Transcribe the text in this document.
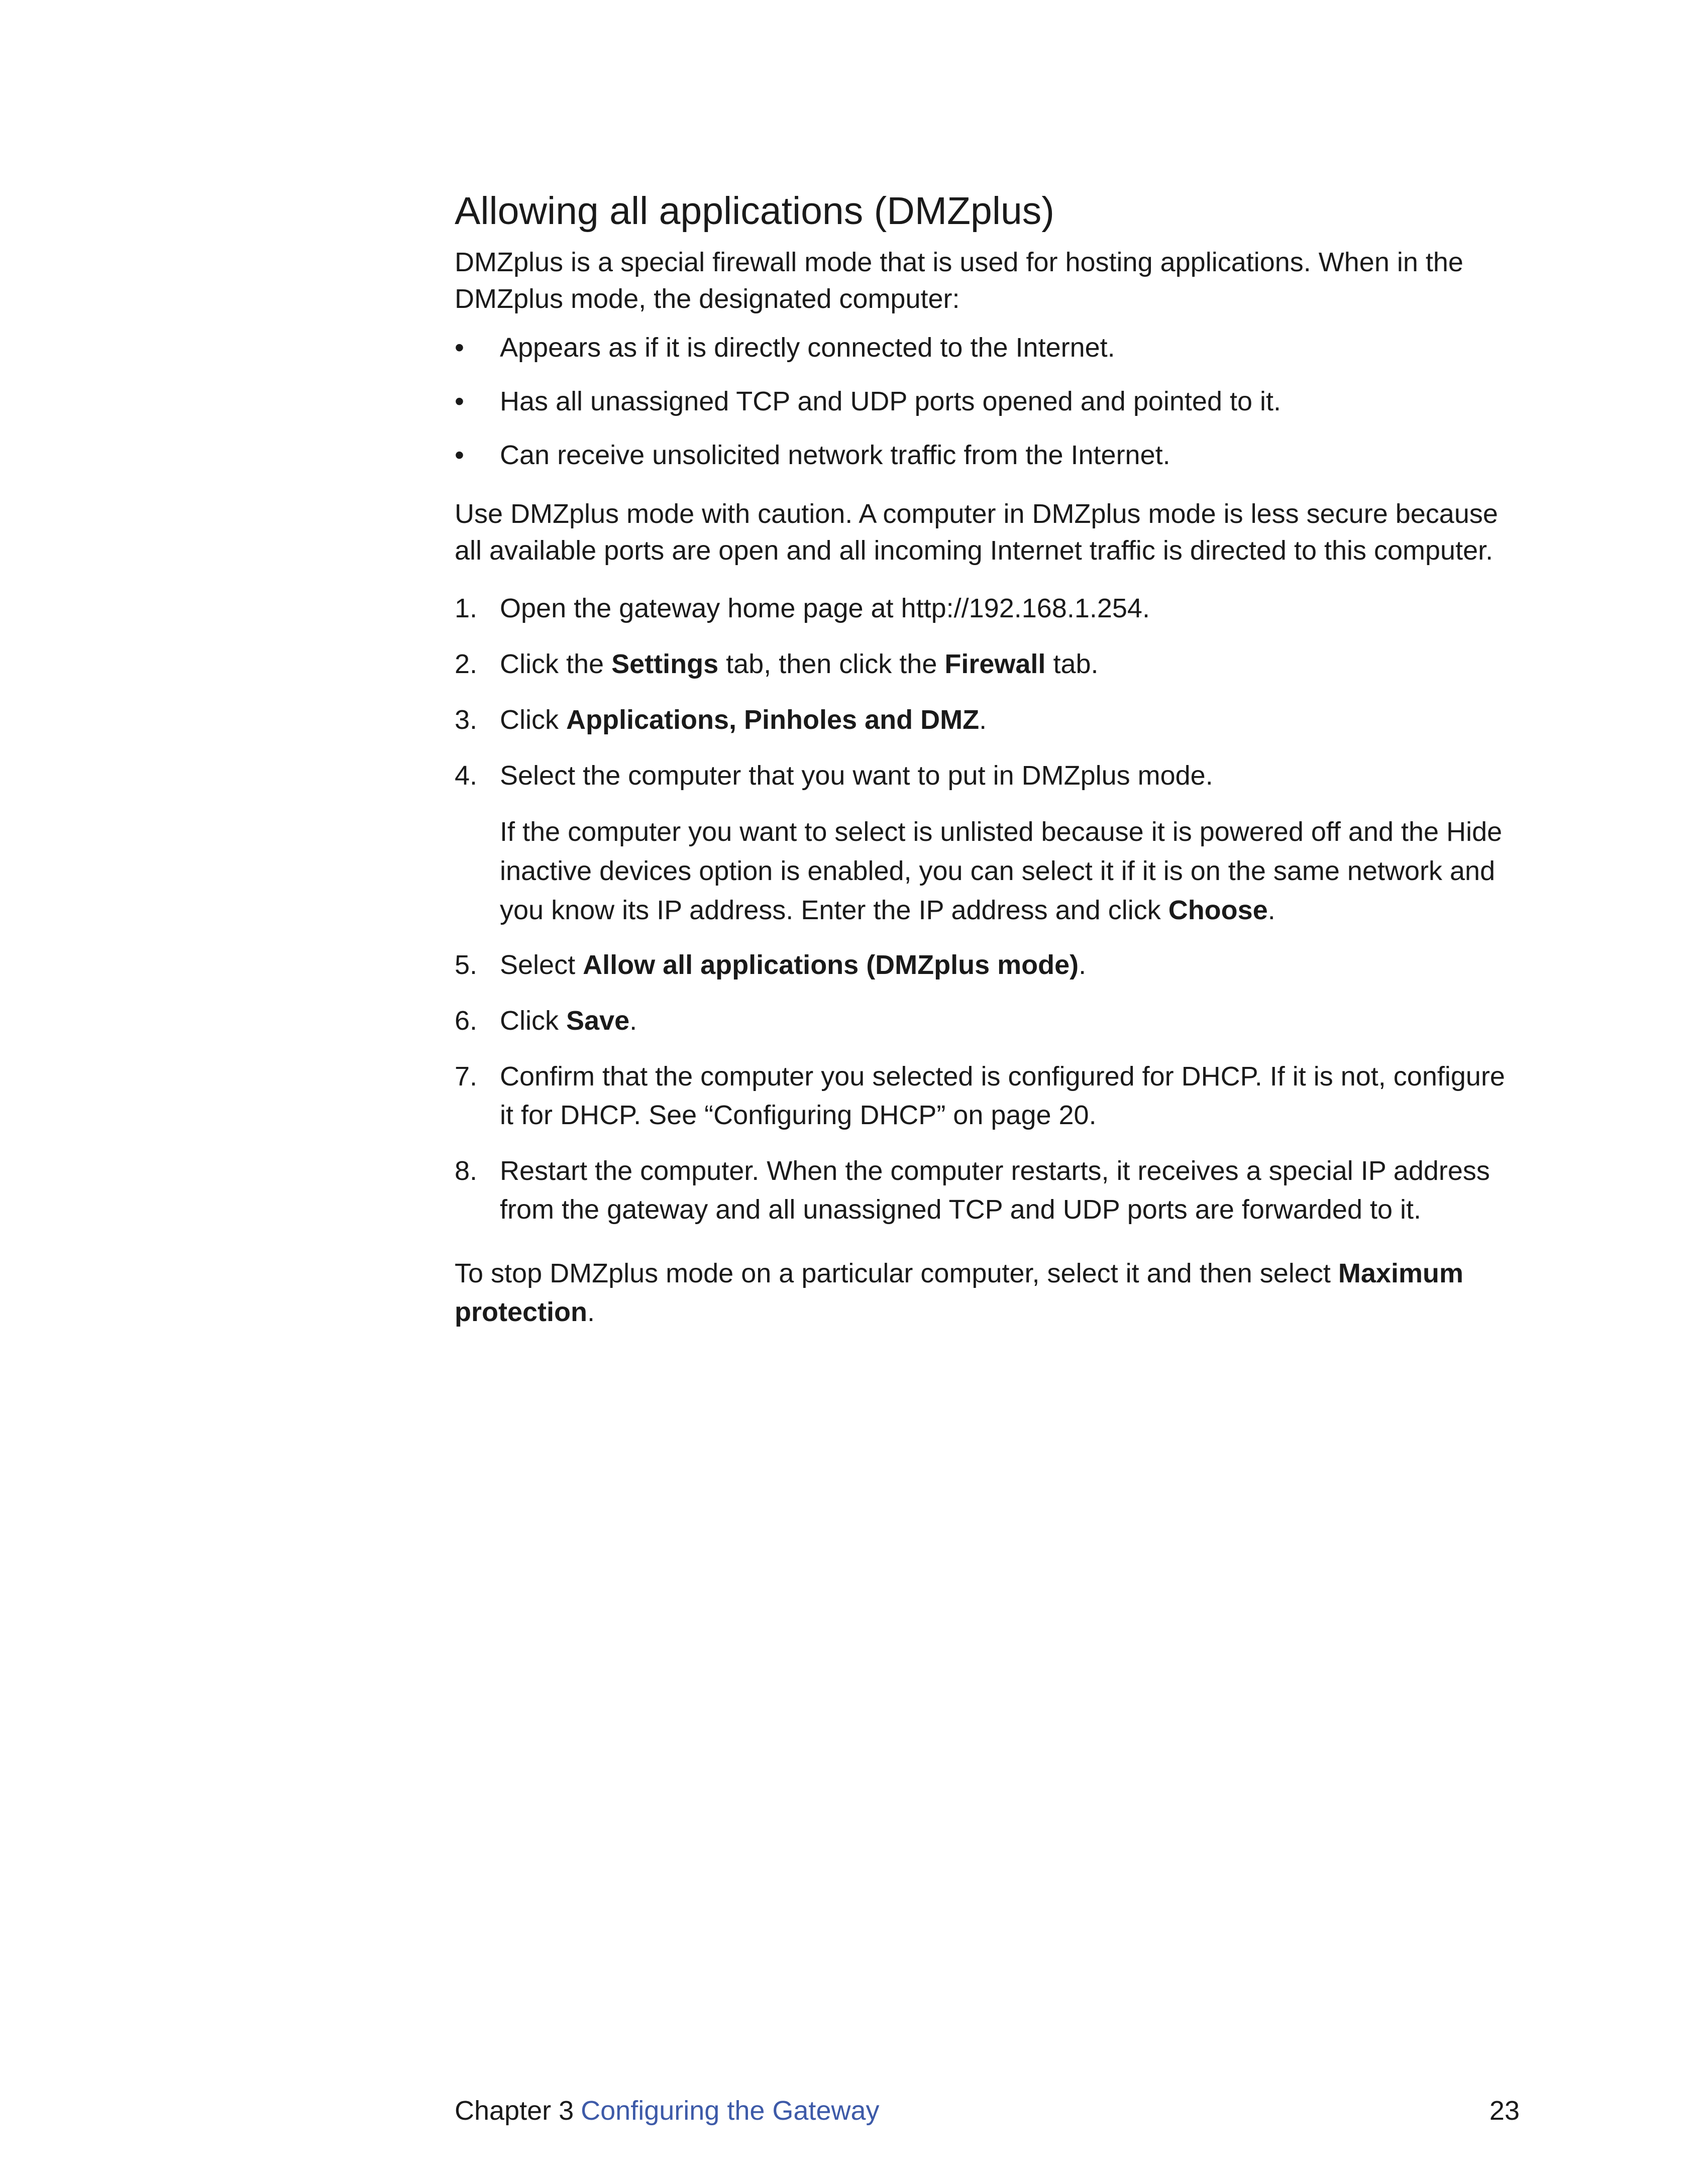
Allowing all applications (DMZplus)

DMZplus is a special firewall mode that is used for hosting applications. When in the DMZplus mode, the designated computer:

• Appears as if it is directly connected to the Internet.
• Has all unassigned TCP and UDP ports opened and pointed to it.
• Can receive unsolicited network traffic from the Internet.

Use DMZplus mode with caution. A computer in DMZplus mode is less secure because all available ports are open and all incoming Internet traffic is directed to this computer.

1. Open the gateway home page at http://192.168.1.254.
2. Click the Settings tab, then click the Firewall tab.
3. Click Applications, Pinholes and DMZ.
4. Select the computer that you want to put in DMZplus mode.

If the computer you want to select is unlisted because it is powered off and the Hide inactive devices option is enabled, you can select it if it is on the same network and you know its IP address. Enter the IP address and click Choose.

5. Select Allow all applications (DMZplus mode).
6. Click Save.
7. Confirm that the computer you selected is configured for DHCP. If it is not, configure it for DHCP. See “Configuring DHCP” on page 20.
8. Restart the computer. When the computer restarts, it receives a special IP address from the gateway and all unassigned TCP and UDP ports are forwarded to it.

To stop DMZplus mode on a particular computer, select it and then select Maximum protection.

Chapter 3 Configuring the Gateway	23
